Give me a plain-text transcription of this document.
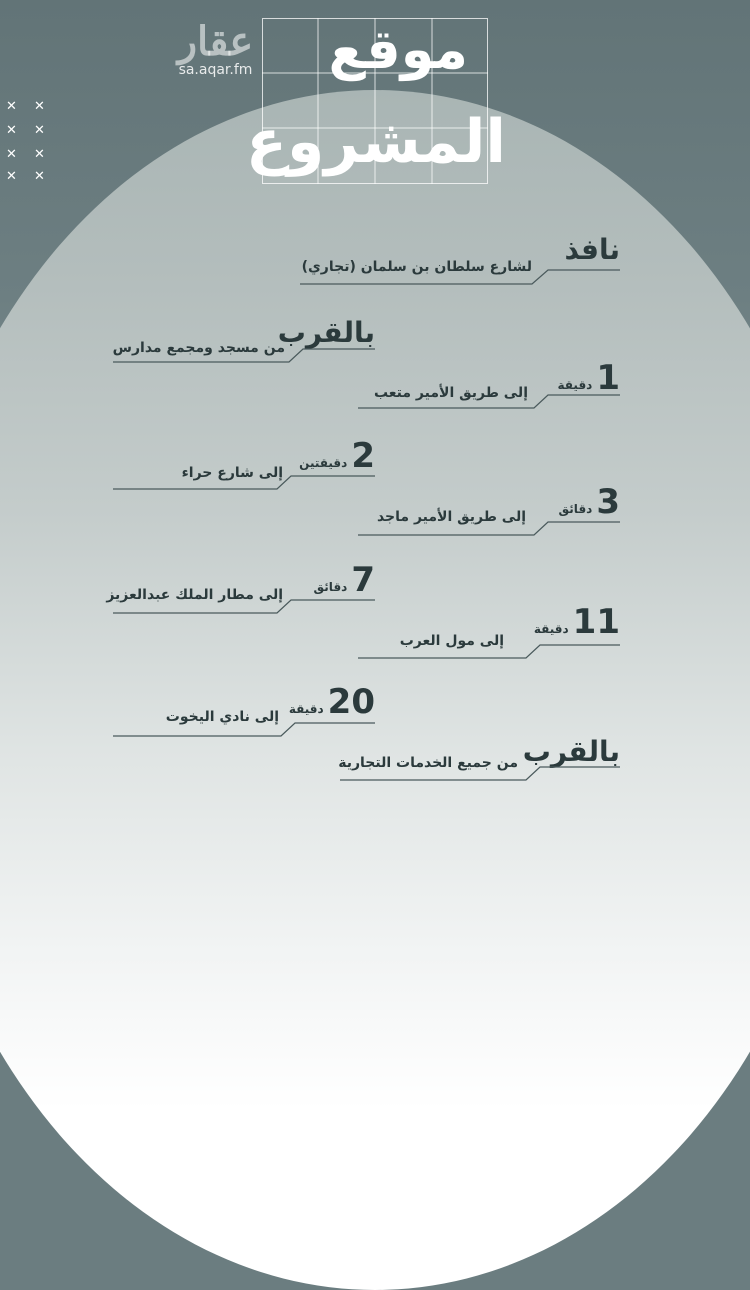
✕ ✕
✕ ✕
✕ ✕
✕ ✕
عقار
sa.aqar.fm	موقع
المشروع
نافذ
لشارع سلطان بن سلمان (تجاري)
بالقرب
من مسجد ومجمع مدارس
1
دقيقة
إلى طريق الأمير متعب
2
دقيقتين
إلى شارع حراء
3
دقائق
إلى طريق الأمير ماجد
7
دقائق
إلى مطار الملك عبدالعزيز
11
دقيقة
إلى مول العرب
20
دقيقة
إلى نادي اليخوت
بالقرب
من جميع الخدمات التجارية
